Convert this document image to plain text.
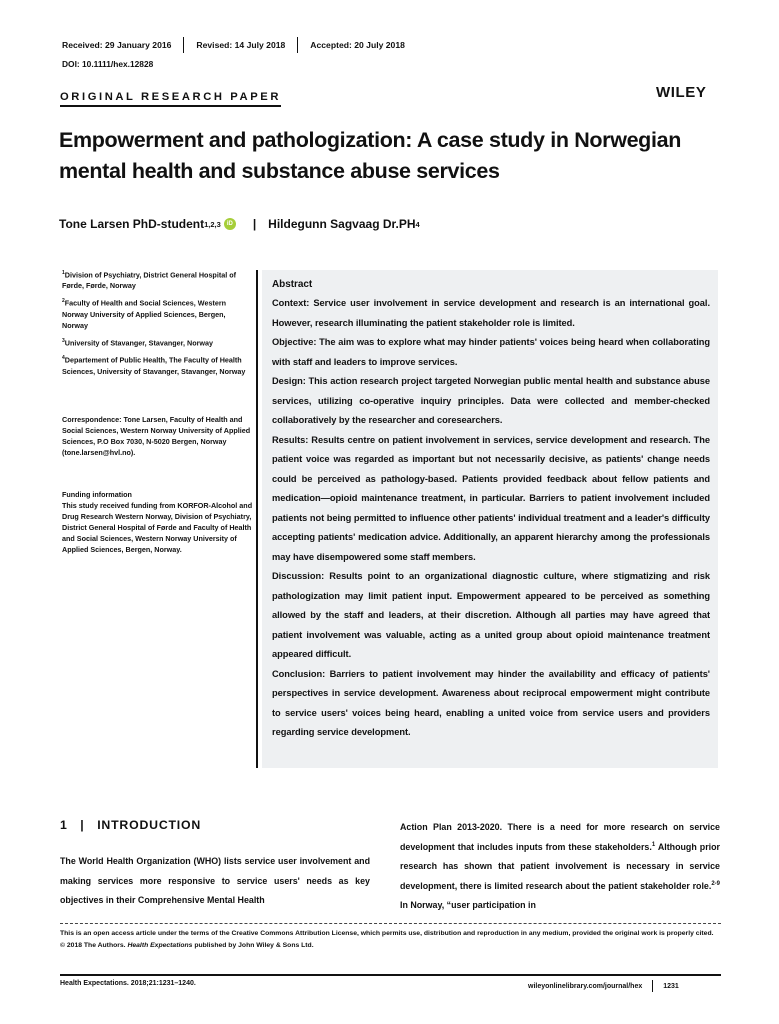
Received:
29 January 2016	Revised:
14 July 2018	Accepted:
20 July 2018
DOI: 10.1111/hex.12828
ORIGINAL RESEARCH PAPER	WILEY
Empowerment and pathologization: A case study in Norwegian mental health and substance abuse services
Tone Larsen PhD-student 1,2,3	iD | Hildegunn Sagvaag Dr.PH 4

$^1$Division of Psychiatry, District General Hospital of Førde, Førde, Norway

$^2$Faculty of Health and Social Sciences, Western Norway University of Applied Sciences, Bergen, Norway

$^3$University of Stavanger, Stavanger, Norway

$^4$Departement of Public Health, The Faculty of Health Sciences, University of Stavanger, Stavanger, Norway

Correspondence: Tone Larsen, Faculty of Health and Social Sciences, Western Norway University of Applied Sciences, P.O Box 7030, N-5020 Bergen, Norway (tone.larsen@hvl.no).
Funding information
This study received funding from KORFOR-Alcohol and Drug Research Western Norway, Division of Psychiatry, District General Hospital of Førde and Faculty of Health and Social Sciences, Western Norway University of Applied Sciences, Bergen, Norway.
Abstract

Context: Service user involvement in service development and research is an international goal. However, research illuminating the patient stakeholder role is limited.

Objective: The aim was to explore what may hinder patients' voices being heard when collaborating with staff and leaders to improve services.

Design: This action research project targeted Norwegian public mental health and substance abuse services, utilizing co-operative inquiry principles. Data were collected and member-checked collaboratively by the researcher and coresearchers.

Results: Results centre on patient involvement in services, service development and research. The patient voice was regarded as important but not necessarily decisive, as patients' change needs could be perceived as pathology-based. Patients provided feedback about fellow patients and medication—opioid maintenance treatment, in particular. Barriers to patient involvement included patients not being permitted to influence other patients' individual treatment and a leader's difficulty accepting patients' medication advice. Additionally, an apparent hierarchy among the professionals may have disempowered some staff members.

Discussion: Results point to an organizational diagnostic culture, where stigmatizing and risk pathologization may limit patient input. Empowerment appeared to be perceived as something allowed by the staff and leaders, at their discretion. Although all parties may have agreed that patient involvement was valuable, acting as a united group about opioid maintenance treatment appeared difficult.

Conclusion: Barriers to patient involvement may hinder the availability and efficacy of patients' perspectives in service development. Awareness about reciprocal empowerment might contribute to service users' voices being heard, enabling a united voice from service users and providers regarding service development.

1 | INTRODUCTION
The World Health Organization (WHO) lists service user involvement and making services more responsive to service users' needs as key objectives in their Comprehensive Mental Health
Action Plan 2013-2020. There is a need for more research on service development that includes inputs from these stakeholders.$^1$ Although prior research has shown that patient involvement is necessary in service development, there is limited research about the patient stakeholder role.$^{2-9}$ In Norway, “user participation in
This is an open access article under the terms of the Creative Commons Attribution License, which permits use, distribution and reproduction in any medium, provided the original work is properly cited.
© 2018 The Authors. Health Expectations published by John Wiley & Sons Ltd.
Health Expectations. 2018;21:1231–1240.	wileyonlinelibrary.com/journal/hex	1231
